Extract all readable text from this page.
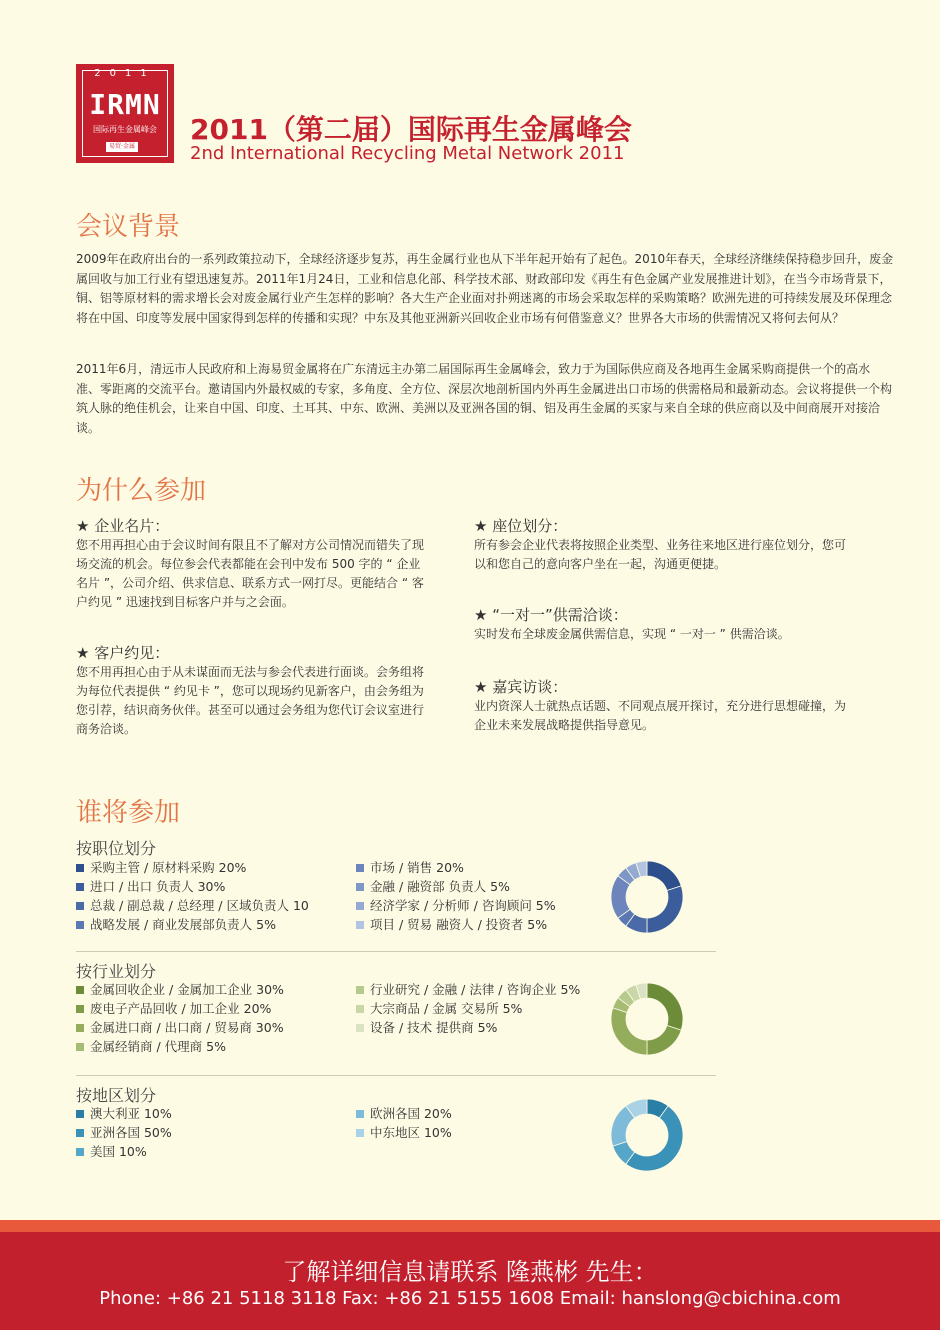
2011
IRMN
国际再生金属峰会
易贸·金属
2011（第二届）国际再生金属峰会
2nd International Recycling Metal Network 2011
会议背景
2009年在政府出台的一系列政策拉动下，全球经济逐步复苏，再生金属行业也从下半年起开始有了起色。2010年春天，全球经济继续保持稳步回升，废金属回收与加工行业有望迅速复苏。2011年1月24日，工业和信息化部、科学技术部、财政部印发《再生有色金属产业发展推进计划》，在当今市场背景下，铜、铝等原材料的需求增长会对废金属行业产生怎样的影响？各大生产企业面对扑朔迷离的市场会采取怎样的采购策略？欧洲先进的可持续发展及环保理念将在中国、印度等发展中国家得到怎样的传播和实现？中东及其他亚洲新兴回收企业市场有何借鉴意义？世界各大市场的供需情况又将何去何从？
2011年6月，清远市人民政府和上海易贸金属将在广东清远主办第二届国际再生金属峰会，致力于为国际供应商及各地再生金属采购商提供一个的高水准、零距离的交流平台。邀请国内外最权威的专家，多角度、全方位、深层次地剖析国内外再生金属进出口市场的供需格局和最新动态。会议将提供一个构筑人脉的绝佳机会，让来自中国、印度、土耳其、中东、欧洲、美洲以及亚洲各国的铜、铝及再生金属的买家与来自全球的供应商以及中间商展开对接洽谈。
为什么参加
★ 企业名片：
您不用再担心由于会议时间有限且不了解对方公司情况而错失了现场交流的机会。每位参会代表都能在会刊中发布 500 字的 “ 企业名片 ”，公司介绍、供求信息、联系方式一网打尽。更能结合 “ 客户约见 ” 迅速找到目标客户并与之会面。
★ 客户约见：
您不用再担心由于从未谋面而无法与参会代表进行面谈。会务组将为每位代表提供 “ 约见卡 ”，您可以现场约见新客户，由会务组为您引荐，结识商务伙伴。甚至可以通过会务组为您代订会议室进行商务洽谈。
★ 座位划分：
所有参会企业代表将按照企业类型、业务往来地区进行座位划分，您可以和您自己的意向客户坐在一起，沟通更便捷。
★ “一对一”供需洽谈：
实时发布全球废金属供需信息，实现 “ 一对一 ” 供需洽谈。
★ 嘉宾访谈：
业内资深人士就热点话题、不同观点展开探讨，充分进行思想碰撞，为企业未来发展战略提供指导意见。
谁将参加
按职位划分
采购主管 / 原材料采购 20%
进口 / 出口 负责人 30%
总裁 / 副总裁 / 总经理 / 区域负责人 10
战略发展 / 商业发展部负责人 5%
市场 / 销售 20%
金融 / 融资部 负责人 5%
经济学家 / 分析师 / 咨询顾问 5%
项目 / 贸易 融资人 / 投资者 5%
按行业划分
金属回收企业 / 金属加工企业 30%
废电子产品回收 / 加工企业 20%
金属进口商 / 出口商 / 贸易商 30%
金属经销商 / 代理商 5%
行业研究 / 金融 / 法律 / 咨询企业 5%
大宗商品 / 金属 交易所 5%
设备 / 技术 提供商 5%
按地区划分
澳大利亚 10%
亚洲各国 50%
美国 10%
欧洲各国 20%
中东地区 10%
了解详细信息请联系 隆燕彬 先生：
Phone: +86 21 5118 3118 Fax: +86 21 5155 1608 Email: hanslong@cbichina.com
